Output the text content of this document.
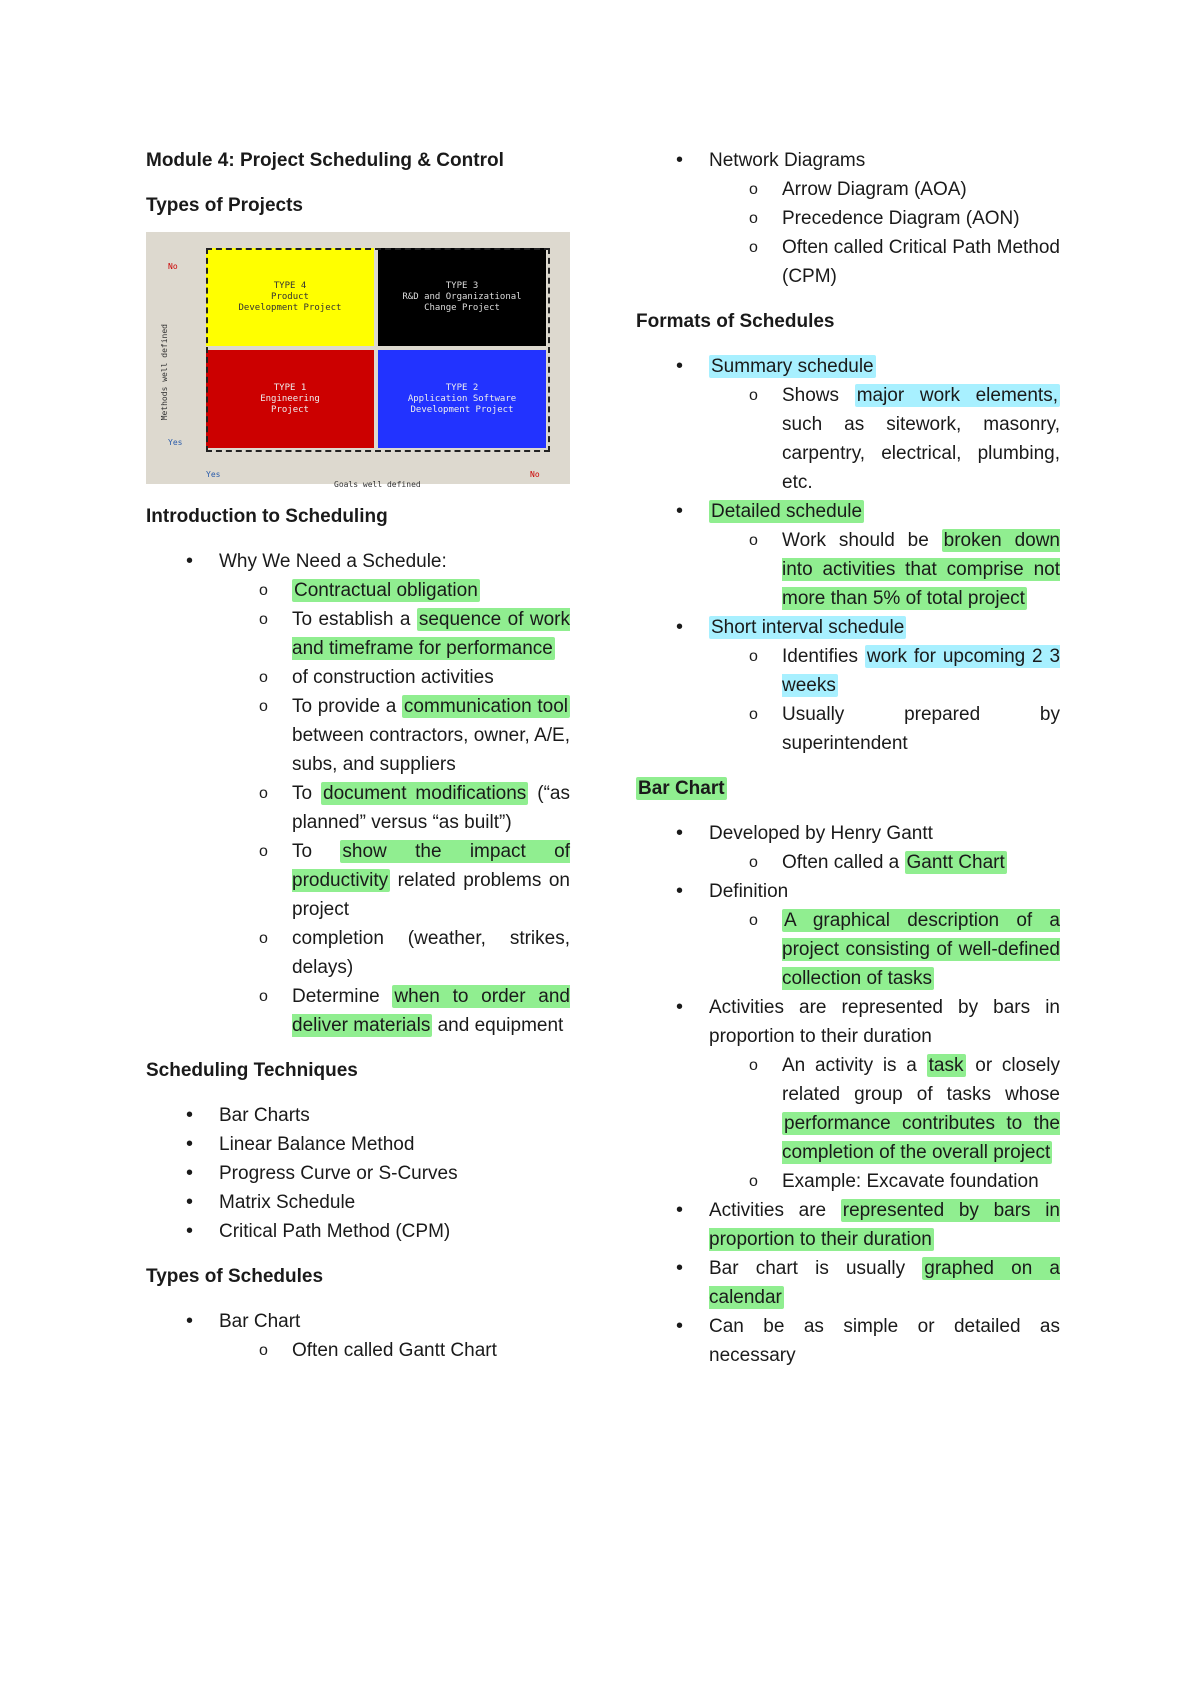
Module 4: Project Scheduling & Control

Types of Projects

TYPE 4
Product
Development Project
TYPE 3
R&D and Organizational
Change Project
TYPE 1
Engineering
Project
TYPE 2
Application Software
Development Project
No
Yes
Yes	No
Goals well defined
Methods well defined

Introduction to Scheduling

• Why We Need a Schedule:
o Contractual obligation
o To establish a sequence of work and timeframe for performance
o of construction activities
o To provide a communication tool between contractors, owner, A/E, subs, and suppliers
o To document modifications (“as planned” versus “as built”)
o To show the impact of productivity related problems on project
o completion (weather, strikes, delays)
o Determine when to order and deliver materials and equipment

Scheduling Techniques

• Bar Charts
• Linear Balance Method
• Progress Curve or S-Curves
• Matrix Schedule
• Critical Path Method (CPM)

Types of Schedules

• Bar Chart
o Often called Gantt Chart
• Network Diagrams
o Arrow Diagram (AOA)
o Precedence Diagram (AON)
o Often called Critical Path Method (CPM)

Formats of Schedules

• Summary schedule
o Shows major work elements, such as sitework, masonry, carpentry, electrical, plumbing, etc.
• Detailed schedule
o Work should be broken down into activities that comprise not more than 5% of total project
• Short interval schedule
o Identifies work for upcoming 2 3 weeks
o Usually prepared by superintendent

Bar Chart

• Developed by Henry Gantt
o Often called a Gantt Chart
• Definition
o A graphical description of a project consisting of well-defined collection of tasks
• Activities are represented by bars in proportion to their duration
o An activity is a task or closely related group of tasks whose performance contributes to the completion of the overall project
o Example: Excavate foundation
• Activities are represented by bars in proportion to their duration
• Bar chart is usually graphed on a calendar
• Can be as simple or detailed as necessary
